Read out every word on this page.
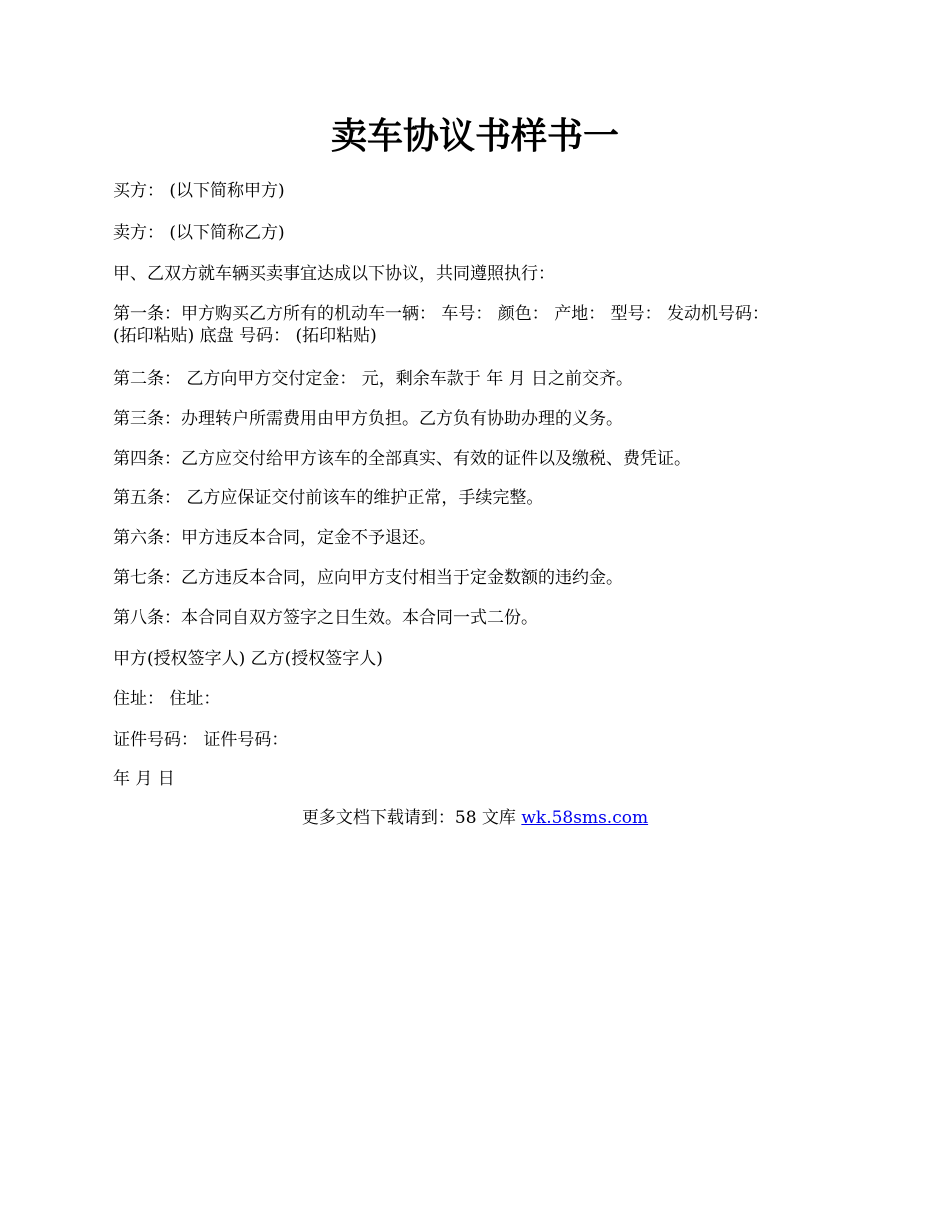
卖车协议书样书一

买方： (以下简称甲方)

卖方： (以下简称乙方)

甲、乙双方就车辆买卖事宜达成以下协议，共同遵照执行：

第一条：甲方购买乙方所有的机动车一辆： 车号： 颜色： 产地： 型号： 发动机号码：

(拓印粘贴) 底盘 号码： (拓印粘贴)

第二条： 乙方向甲方交付定金： 元，剩余车款于 年 月 日之前交齐。

第三条：办理转户所需费用由甲方负担。乙方负有协助办理的义务。

第四条：乙方应交付给甲方该车的全部真实、有效的证件以及缴税、费凭证。

第五条： 乙方应保证交付前该车的维护正常，手续完整。

第六条：甲方违反本合同，定金不予退还。

第七条：乙方违反本合同，应向甲方支付相当于定金数额的违约金。

第八条：本合同自双方签字之日生效。本合同一式二份。

甲方(授权签字人) 乙方(授权签字人)

住址： 住址：

证件号码： 证件号码：

年 月 日

更多文档下载请到：58 文库 wk.58sms.com
